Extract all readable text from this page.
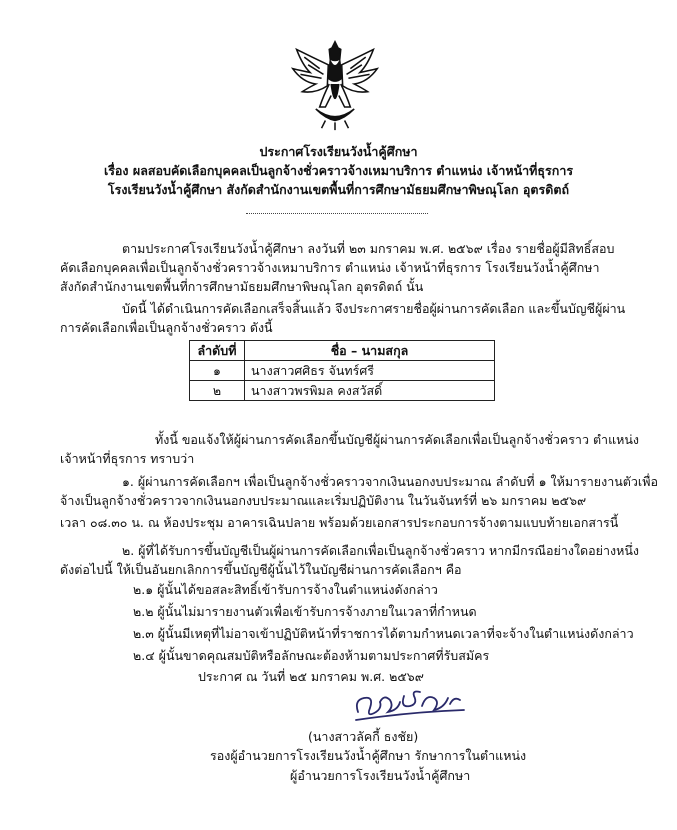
ประกาศโรงเรียนวังน้ำคู้ศึกษา
เรื่อง ผลสอบคัดเลือกบุคคลเป็นลูกจ้างชั่วคราวจ้างเหมาบริการ ตำแหน่ง เจ้าหน้าที่ธุรการ
โรงเรียนวังน้ำคู้ศึกษา สังกัดสำนักงานเขตพื้นที่การศึกษามัธยมศึกษาพิษณุโลก อุตรดิตถ์
ตามประกาศโรงเรียนวังน้ำคู้ศึกษา ลงวันที่ ๒๓ มกราคม พ.ศ. ๒๕๖๙ เรื่อง รายชื่อผู้มีสิทธิ์สอบ
คัดเลือกบุคคลเพื่อเป็นลูกจ้างชั่วคราวจ้างเหมาบริการ ตำแหน่ง เจ้าหน้าที่ธุรการ โรงเรียนวังน้ำคู้ศึกษา
สังกัดสำนักงานเขตพื้นที่การศึกษามัธยมศึกษาพิษณุโลก อุตรดิตถ์ นั้น
บัดนี้ ได้ดำเนินการคัดเลือกเสร็จสิ้นแล้ว จึงประกาศรายชื่อผู้ผ่านการคัดเลือก และขึ้นบัญชีผู้ผ่าน
การคัดเลือกเพื่อเป็นลูกจ้างชั่วคราว ดังนี้
ลำดับที่	ชื่อ – นามสกุล
๑	นางสาวศศิธร จันทร์ศรี
๒	นางสาวพรพิมล คงสวัสดิ์
ทั้งนี้ ขอแจ้งให้ผู้ผ่านการคัดเลือกขึ้นบัญชีผู้ผ่านการคัดเลือกเพื่อเป็นลูกจ้างชั่วคราว ตำแหน่ง
เจ้าหน้าที่ธุรการ ทราบว่า
๑. ผู้ผ่านการคัดเลือกฯ เพื่อเป็นลูกจ้างชั่วคราวจากเงินนอกงบประมาณ ลำดับที่ ๑ ให้มารายงานตัวเพื่อ
จ้างเป็นลูกจ้างชั่วคราวจากเงินนอกงบประมาณและเริ่มปฏิบัติงาน ในวันจันทร์ที่ ๒๖ มกราคม ๒๕๖๙
เวลา ๐๘.๓๐ น. ณ ห้องประชุม อาคารเฉินปลาย พร้อมด้วยเอกสารประกอบการจ้างตามแบบท้ายเอกสารนี้
๒. ผู้ที่ได้รับการขึ้นบัญชีเป็นผู้ผ่านการคัดเลือกเพื่อเป็นลูกจ้างชั่วคราว หากมีกรณีอย่างใดอย่างหนึ่ง
ดังต่อไปนี้ ให้เป็นอันยกเลิกการขึ้นบัญชีผู้นั้นไว้ในบัญชีผ่านการคัดเลือกฯ คือ
๒.๑ ผู้นั้นได้ขอสละสิทธิ์เข้ารับการจ้างในตำแหน่งดังกล่าว
๒.๒ ผู้นั้นไม่มารายงานตัวเพื่อเข้ารับการจ้างภายในเวลาที่กำหนด
๒.๓ ผู้นั้นมีเหตุที่ไม่อาจเข้าปฏิบัติหน้าที่ราชการได้ตามกำหนดเวลาที่จะจ้างในตำแหน่งดังกล่าว
๒.๔ ผู้นั้นขาดคุณสมบัติหรือลักษณะต้องห้ามตามประกาศที่รับสมัคร
ประกาศ ณ วันที่ ๒๕ มกราคม พ.ศ. ๒๕๖๙
(นางสาวลัคกี้ ธงชัย)
รองผู้อำนวยการโรงเรียนวังน้ำคู้ศึกษา รักษาการในตำแหน่ง
ผู้อำนวยการโรงเรียนวังน้ำคู้ศึกษา
